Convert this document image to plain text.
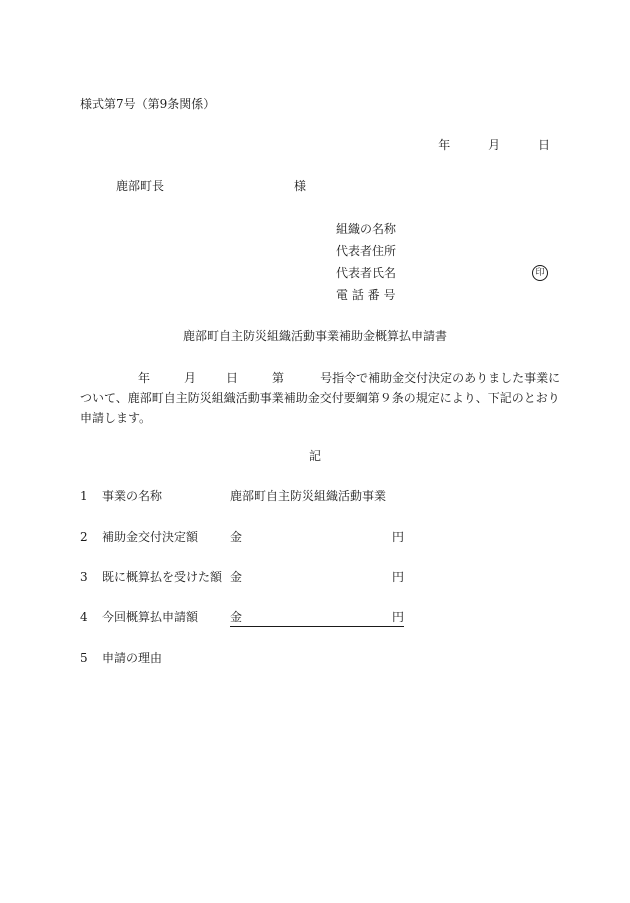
様式第7号（第9条関係）
年	月	日
鹿部町長	様
組織の名称
代表者住所
代表者氏名	印
電 話 番 号
鹿部町自主防災組織活動事業補助金概算払申請書
年	月	日	第	号指令で補助金交付決定のありました事業に
ついて、鹿部町自主防災組織活動事業補助金交付要綱第９条の規定により、下記のとおり
申請します。
記
1 事業の名称	鹿部町自主防災組織活動事業
2 補助金交付決定額	金	円
3 既に概算払を受けた額 金	円
4 今回概算払申請額	金	円
5 申請の理由
